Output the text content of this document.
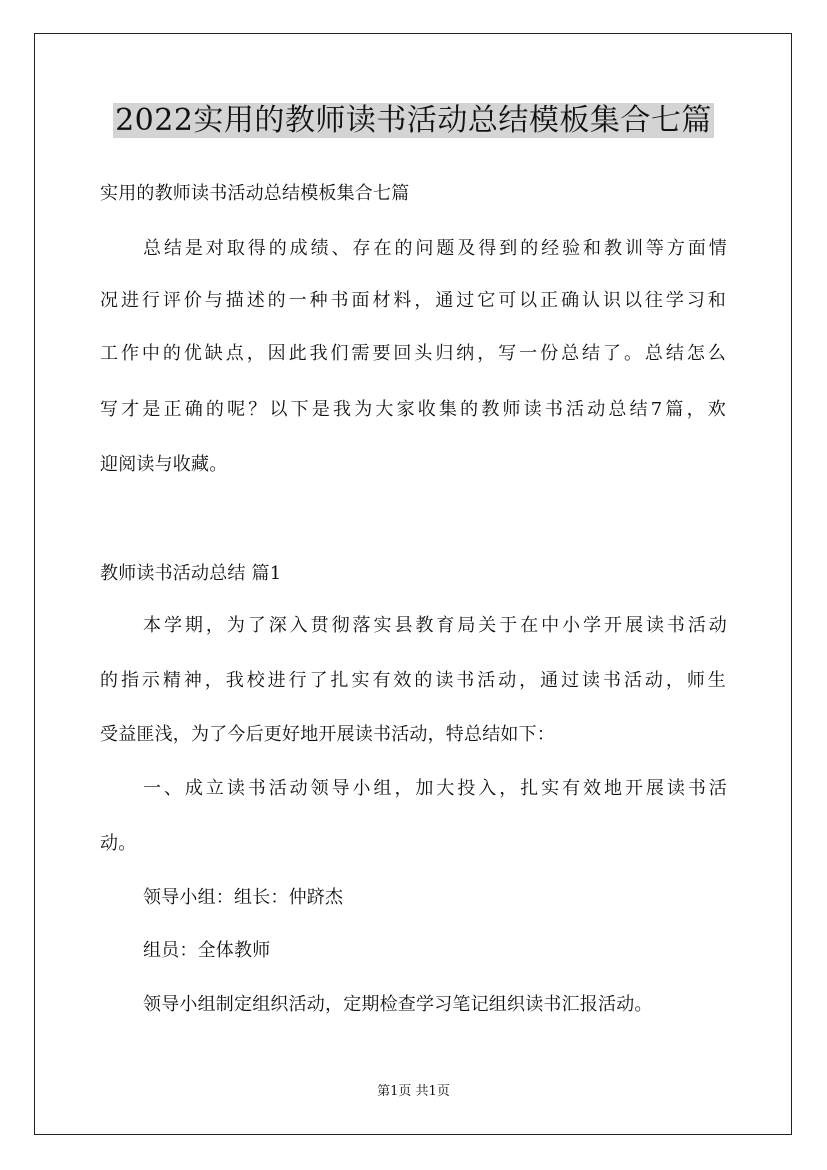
2022实用的教师读书活动总结模板集合七篇

实用的教师读书活动总结模板集合七篇

总结是对取得的成绩、存在的问题及得到的经验和教训等方面情

况进行评价与描述的一种书面材料，通过它可以正确认识以往学习和

工作中的优缺点，因此我们需要回头归纳，写一份总结了。总结怎么

写才是正确的呢？以下是我为大家收集的教师读书活动总结7篇，欢

迎阅读与收藏。

教师读书活动总结 篇1

本学期，为了深入贯彻落实县教育局关于在中小学开展读书活动

的指示精神，我校进行了扎实有效的读书活动，通过读书活动，师生

受益匪浅，为了今后更好地开展读书活动，特总结如下：

一、成立读书活动领导小组，加大投入，扎实有效地开展读书活

动。

领导小组：组长：仲跻杰

组员：全体教师

领导小组制定组织活动，定期检查学习笔记组织读书汇报活动。

第1页 共1页
